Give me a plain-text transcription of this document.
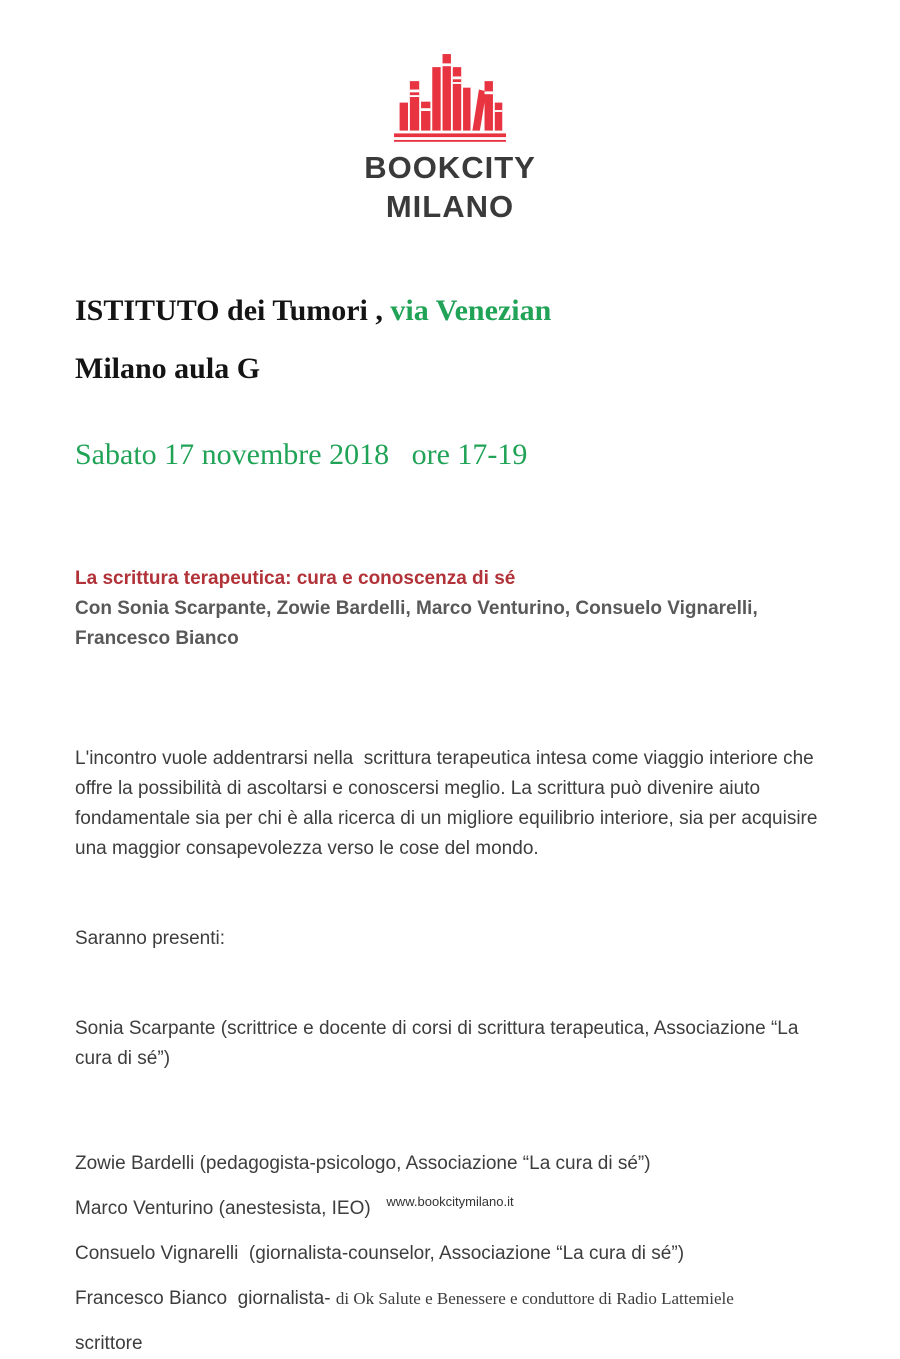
BOOKCITY
MILANO
ISTITUTO dei Tumori , via Venezian
Milano aula G
Sabato 17 novembre 2018   ore 17-19
La scrittura terapeutica: cura e conoscenza di sé
Con Sonia Scarpante, Zowie Bardelli, Marco Venturino, Consuelo Vignarelli, Francesco Bianco

L'incontro vuole addentrarsi nella  scrittura terapeutica intesa come viaggio interiore che offre la possibilità di ascoltarsi e conoscersi meglio. La scrittura può divenire aiuto fondamentale sia per chi è alla ricerca di un migliore equilibrio interiore, sia per acquisire una maggior consapevolezza verso le cose del mondo.

Saranno presenti:

Sonia Scarpante (scrittrice e docente di corsi di scrittura terapeutica, Associazione “La cura di sé”)

Zowie Bardelli (pedagogista-psicologo, Associazione “La cura di sé”)
Marco Venturino (anestesista, IEO)
Consuelo Vignarelli  (giornalista-counselor, Associazione “La cura di sé”)
Francesco Bianco  giornalista- di Ok Salute e Benessere e conduttore di Radio Lattemiele
scrittore
www.bookcitymilano.it
